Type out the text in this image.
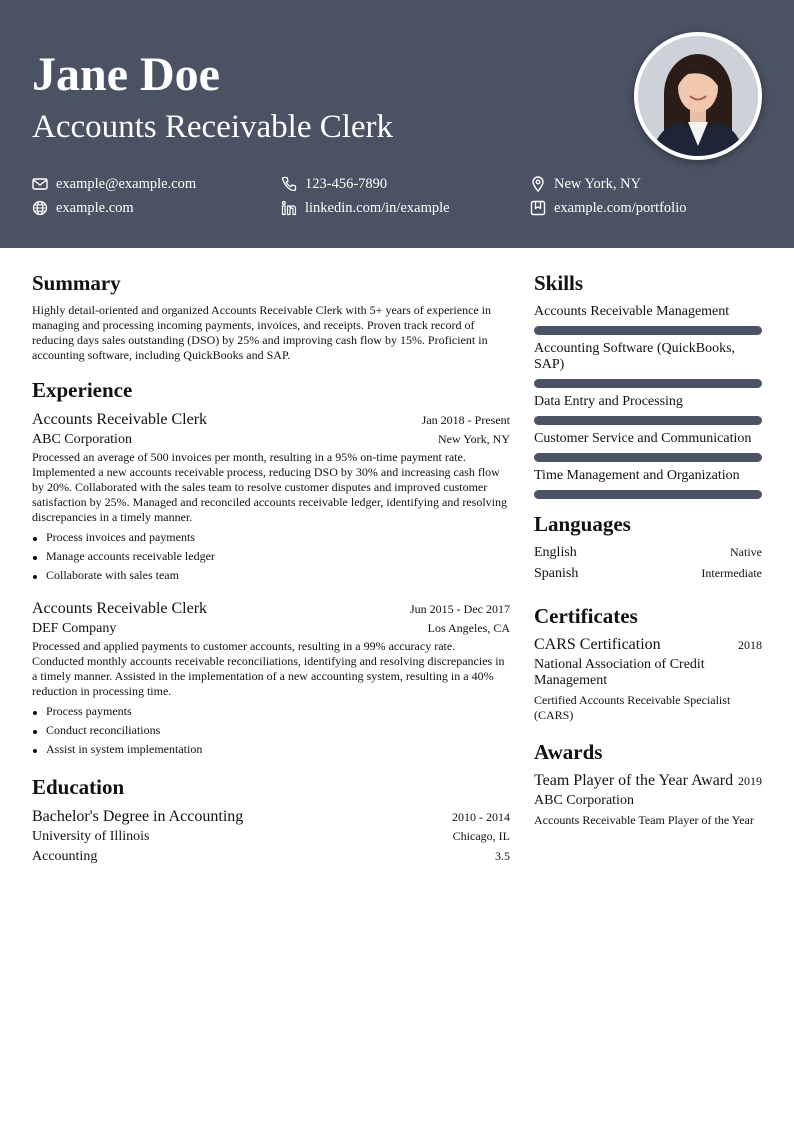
Jane Doe
Accounts Receivable Clerk
example@example.com	123-456-7890	New York, NY
example.com	linkedin.com/in/example	example.com/portfolio
Summary

Highly detail-oriented and organized Accounts Receivable Clerk with 5+ years of experience in managing and processing incoming payments, invoices, and receipts. Proven track record of reducing days sales outstanding (DSO) by 25% and improving cash flow by 15%. Proficient in accounting software, including QuickBooks and SAP.

Experience
Accounts Receivable Clerk	Jan 2018 - Present
ABC Corporation	New York, NY

Processed an average of 500 invoices per month, resulting in a 95% on-time payment rate. Implemented a new accounts receivable process, reducing DSO by 30% and increasing cash flow by 20%. Collaborated with the sales team to resolve customer disputes and improved customer satisfaction by 25%. Managed and reconciled accounts receivable ledger, identifying and resolving discrepancies in a timely manner.

Process invoices and payments
Manage accounts receivable ledger
Collaborate with sales team
Accounts Receivable Clerk	Jun 2015 - Dec 2017
DEF Company	Los Angeles, CA

Processed and applied payments to customer accounts, resulting in a 99% accuracy rate. Conducted monthly accounts receivable reconciliations, identifying and resolving discrepancies in a timely manner. Assisted in the implementation of a new accounting system, resulting in a 40% reduction in processing time.

Process payments
Conduct reconciliations
Assist in system implementation
Education
Bachelor's Degree in Accounting	2010 - 2014
University of Illinois	Chicago, IL
Accounting	3.5
Skills
Accounts Receivable Management
Accounting Software (QuickBooks, SAP)
Data Entry and Processing
Customer Service and Communication
Time Management and Organization
Languages
English	Native
Spanish	Intermediate
Certificates
CARS Certification	2018
National Association of Credit Management
Certified Accounts Receivable Specialist (CARS)
Awards
Team Player of the Year Award 2019
ABC Corporation
Accounts Receivable Team Player of the Year
